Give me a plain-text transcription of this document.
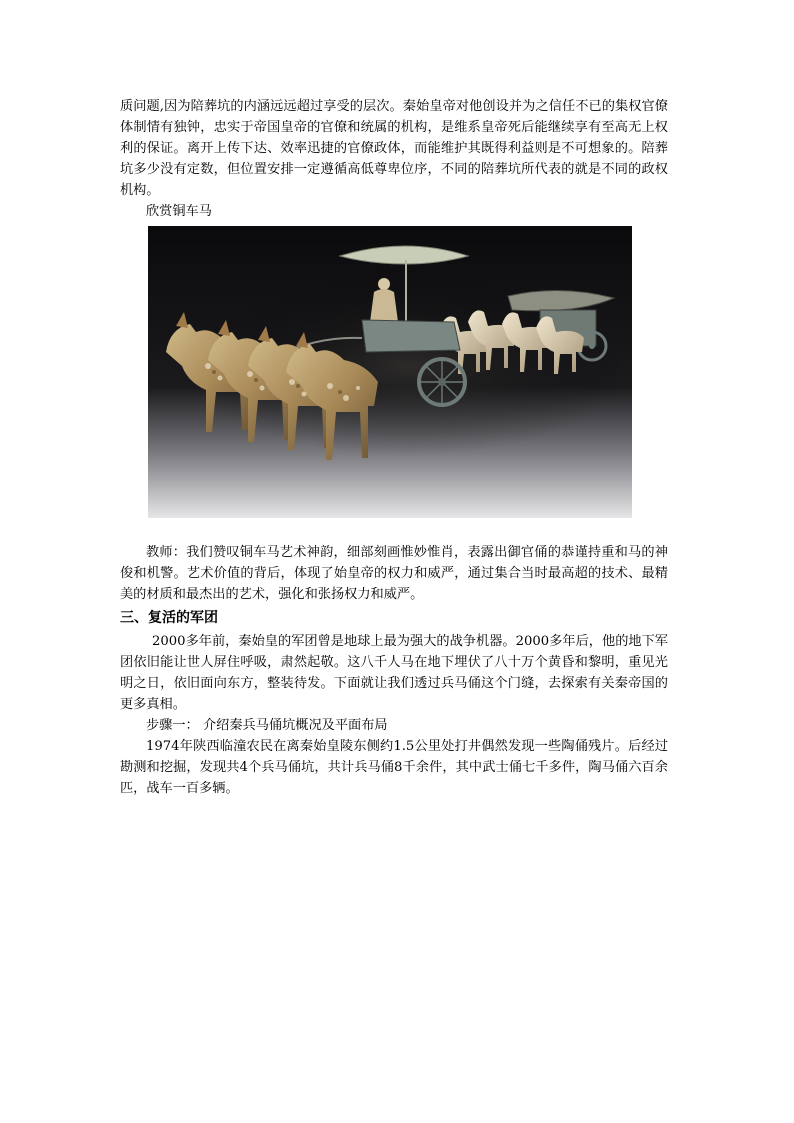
质问题,因为陪葬坑的内涵远远超过享受的层次。秦始皇帝对他创设并为之信任不已的集权官僚体制情有独钟，忠实于帝国皇帝的官僚和统属的机构，是维系皇帝死后能继续享有至高无上权利的保证。离开上传下达、效率迅捷的官僚政体，而能维护其既得利益则是不可想象的。陪葬坑多少没有定数，但位置安排一定遵循高低尊卑位序，不同的陪葬坑所代表的就是不同的政权机构。

欣赏铜车马

教师：我们赞叹铜车马艺术神韵，细部刻画惟妙惟肖，表露出御官俑的恭谨持重和马的神俊和机警。艺术价值的背后，体现了始皇帝的权力和威严，通过集合当时最高超的技术、最精美的材质和最杰出的艺术，强化和张扬权力和威严。

三、复活的军团

2000多年前，秦始皇的军团曾是地球上最为强大的战争机器。2000多年后，他的地下军团依旧能让世人屏住呼吸，肃然起敬。这八千人马在地下埋伏了八十万个黄昏和黎明，重见光明之日，依旧面向东方，整装待发。下面就让我们透过兵马俑这个门缝，去探索有关秦帝国的更多真相。

步骤一： 介绍秦兵马俑坑概况及平面布局

1974年陕西临潼农民在离秦始皇陵东侧约1.5公里处打井偶然发现一些陶俑残片。后经过勘测和挖掘，发现共4个兵马俑坑，共计兵马俑8千余件，其中武士俑七千多件，陶马俑六百余匹，战车一百多辆。
